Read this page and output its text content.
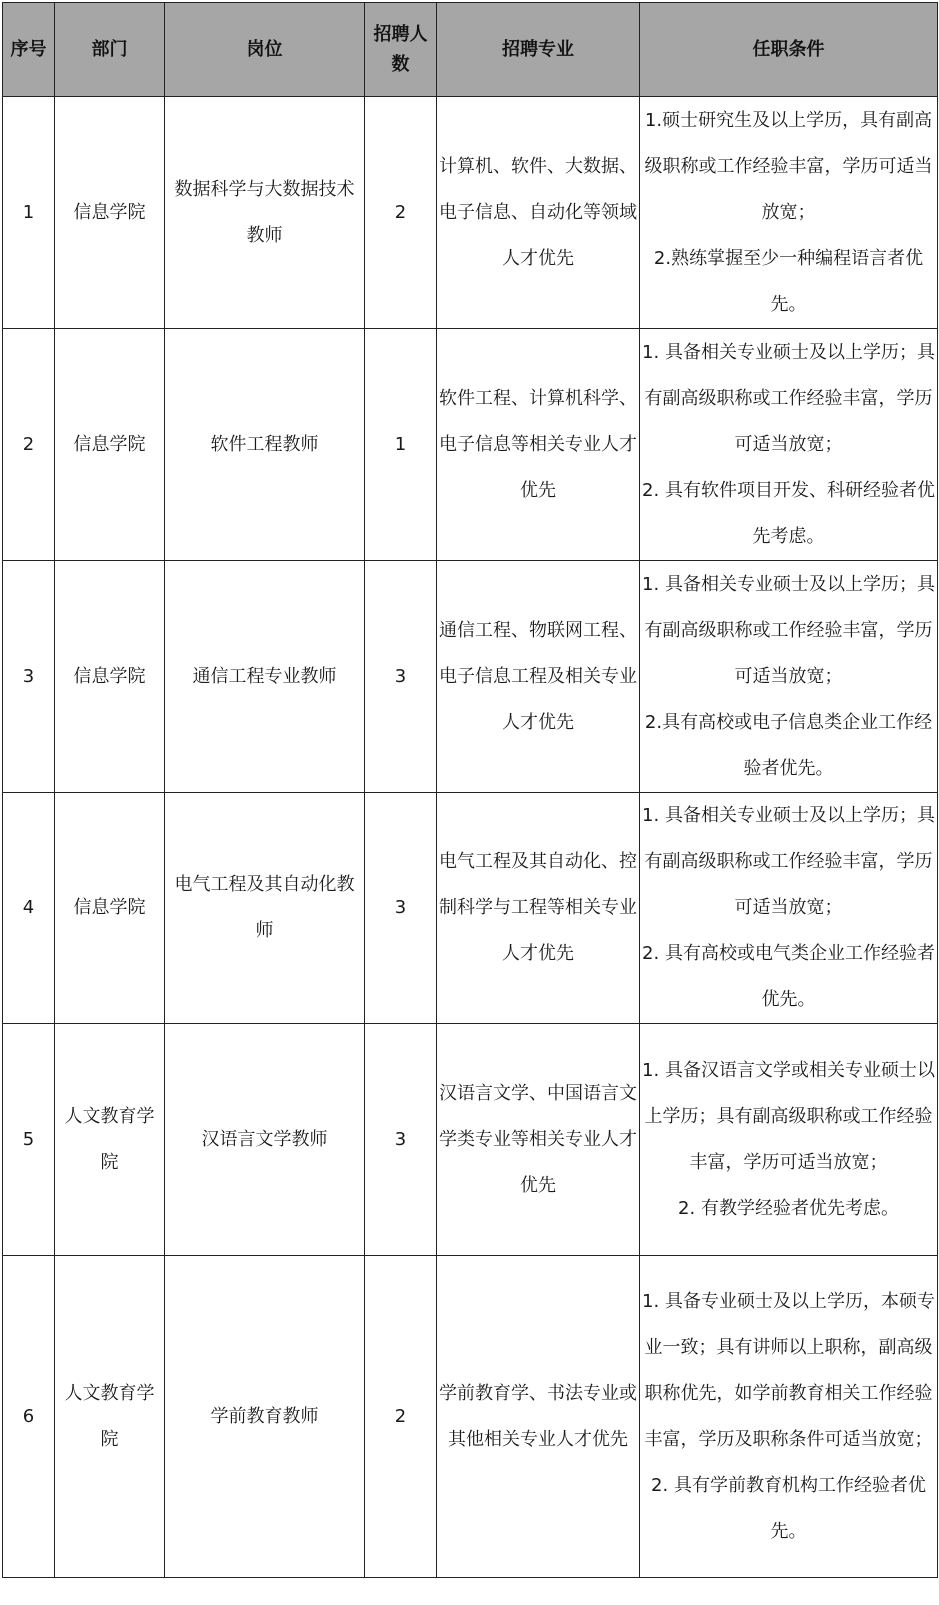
序号	部门	岗位	招聘人数	招聘专业	任职条件
1	信息学院	数据科学与大数据技术教师	2	计算机、软件、大数据、电子信息、自动化等领域人才优先	1.硕士研究生及以上学历，具有副高级职称或工作经验丰富，学历可适当放宽；
2.熟练掌握至少一种编程语言者优先。

2	信息学院	软件工程教师	1	软件工程、计算机科学、电子信息等相关专业人才优先	1. 具备相关专业硕士及以上学历；具有副高级职称或工作经验丰富，学历可适当放宽；
2. 具有软件项目开发、科研经验者优先考虑。

3	信息学院	通信工程专业教师	3	通信工程、物联网工程、电子信息工程及相关专业人才优先	1. 具备相关专业硕士及以上学历；具有副高级职称或工作经验丰富，学历可适当放宽；
2.具有高校或电子信息类企业工作经验者优先。

4	信息学院	电气工程及其自动化教师	3	电气工程及其自动化、控制科学与工程等相关专业人才优先	1. 具备相关专业硕士及以上学历；具有副高级职称或工作经验丰富，学历可适当放宽；
2. 具有高校或电气类企业工作经验者优先。

5	人文教育学院	汉语言文学教师	3	汉语言文学、中国语言文学类专业等相关专业人才优先	1. 具备汉语言文学或相关专业硕士以上学历；具有副高级职称或工作经验丰富，学历可适当放宽；
2. 有教学经验者优先考虑。

6	人文教育学院	学前教育教师	2	学前教育学、书法专业或其他相关专业人才优先	1. 具备专业硕士及以上学历，本硕专业一致；具有讲师以上职称，副高级职称优先，如学前教育相关工作经验丰富，学历及职称条件可适当放宽；
2. 具有学前教育机构工作经验者优先。
